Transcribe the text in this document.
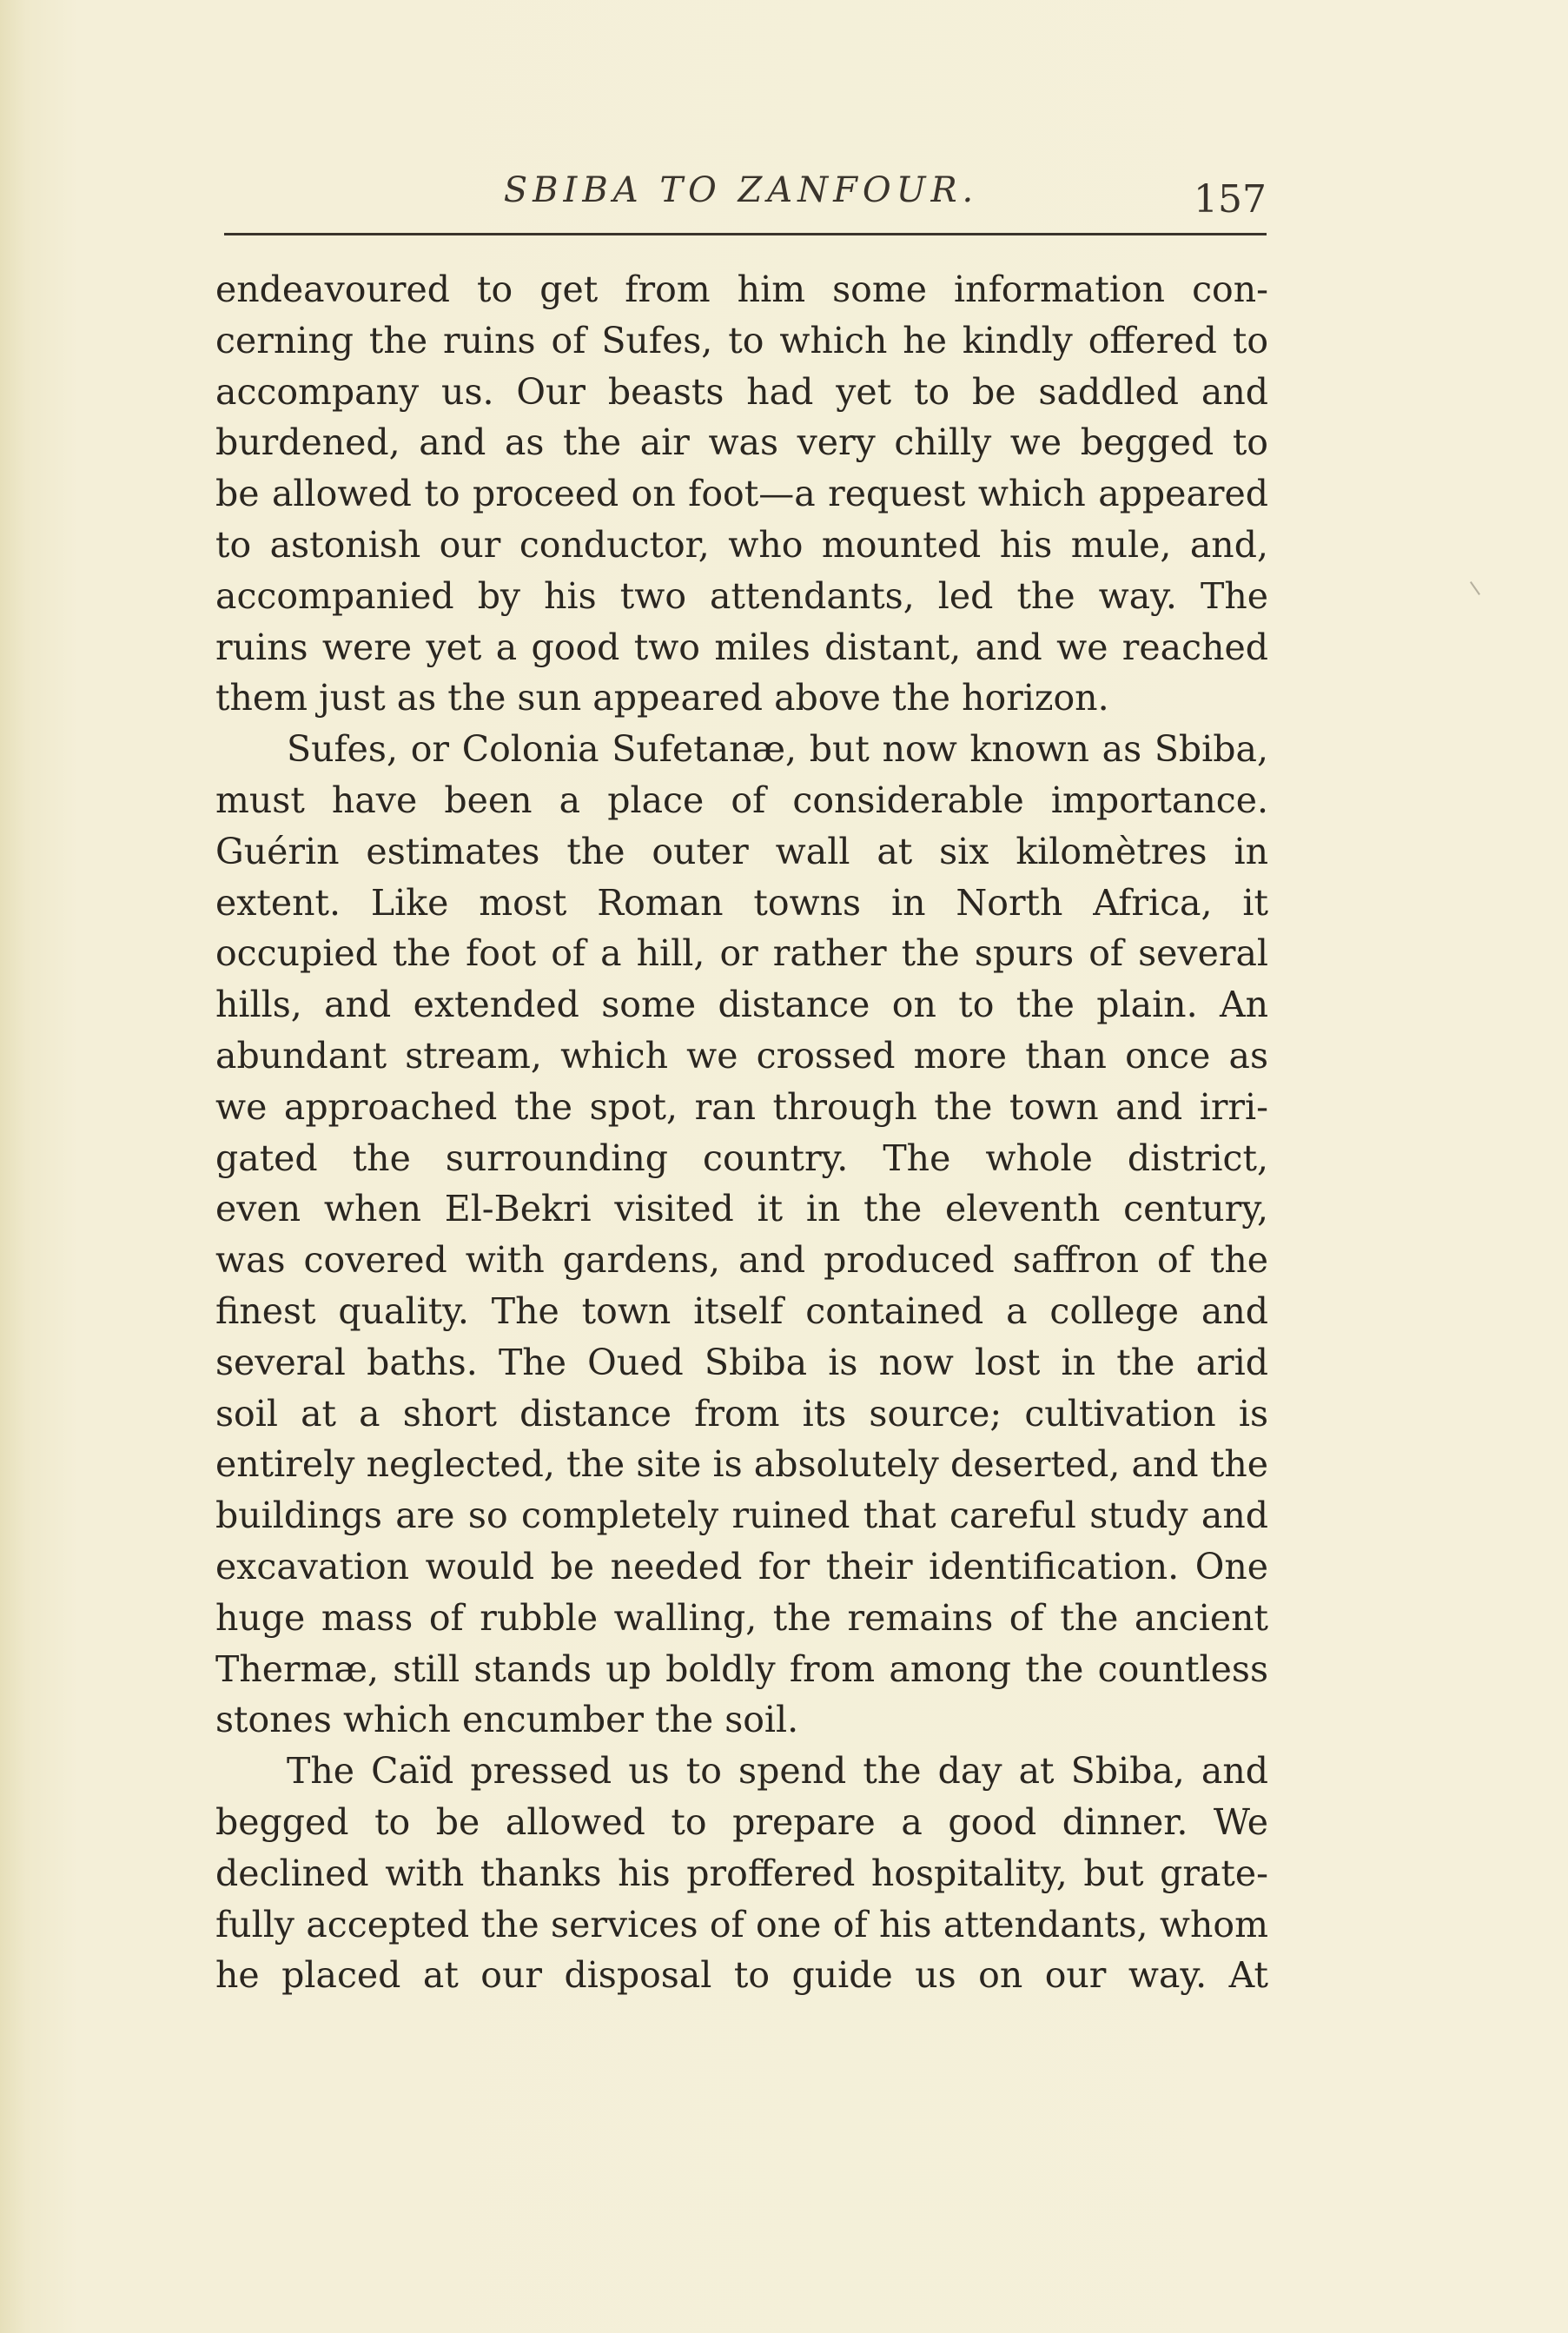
SBIBA TO ZANFOUR.	157
endeavoured to get from him some information con-
cerning the ruins of Sufes, to which he kindly offered to
accompany us. Our beasts had yet to be saddled and
burdened, and as the air was very chilly we begged to
be allowed to proceed on foot—a request which appeared
to astonish our conductor, who mounted his mule, and,
accompanied by his two attendants, led the way. The
ruins were yet a good two miles distant, and we reached
them just as the sun appeared above the horizon.
Sufes, or Colonia Sufetanæ, but now known as Sbiba,
must have been a place of considerable importance.
Guérin estimates the outer wall at six kilomètres in
extent. Like most Roman towns in North Africa, it
occupied the foot of a hill, or rather the spurs of several
hills, and extended some distance on to the plain. An
abundant stream, which we crossed more than once as
we approached the spot, ran through the town and irri-
gated the surrounding country. The whole district,
even when El-Bekri visited it in the eleventh century,
was covered with gardens, and produced saffron of the
finest quality. The town itself contained a college and
several baths. The Oued Sbiba is now lost in the arid
soil at a short distance from its source; cultivation is
entirely neglected, the site is absolutely deserted, and the
buildings are so completely ruined that careful study and
excavation would be needed for their identification. One
huge mass of rubble walling, the remains of the ancient
Thermæ, still stands up boldly from among the countless
stones which encumber the soil.
The Caïd pressed us to spend the day at Sbiba, and
begged to be allowed to prepare a good dinner. We
declined with thanks his proffered hospitality, but grate-
fully accepted the services of one of his attendants, whom
he placed at our disposal to guide us on our way. At
